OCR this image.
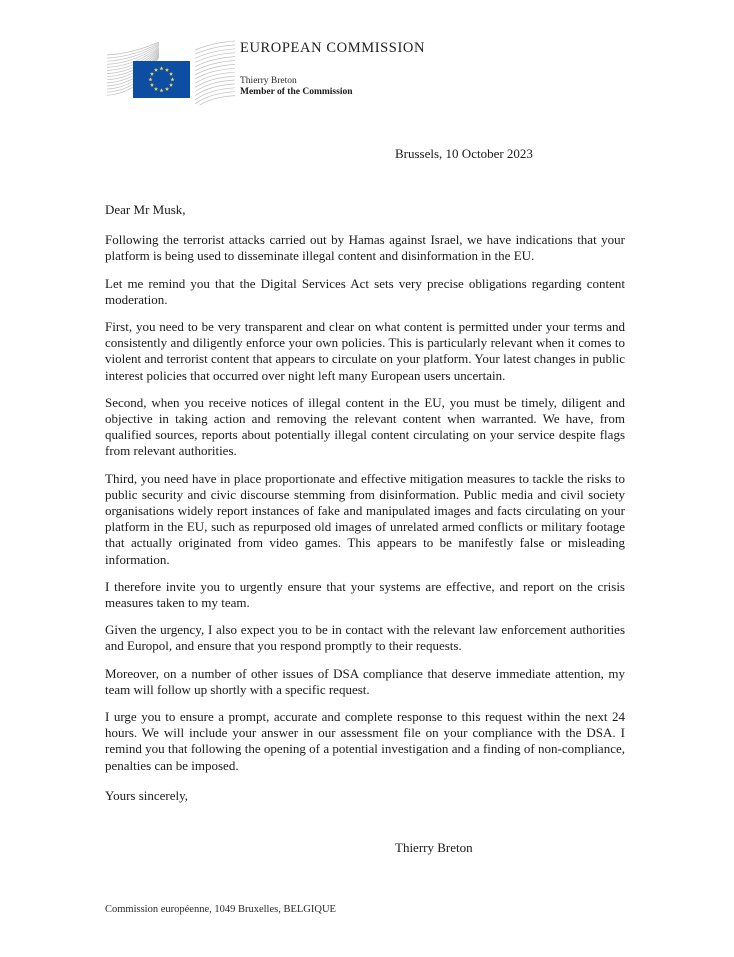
EUROPEAN COMMISSION
Thierry Breton
Member of the Commission
Brussels, 10 October 2023

Dear Mr Musk,

Following the terrorist attacks carried out by Hamas against Israel, we have indications that your platform is being used to disseminate illegal content and disinformation in the EU.

Let me remind you that the Digital Services Act sets very precise obligations regarding content moderation.

First, you need to be very transparent and clear on what content is permitted under your terms and consistently and diligently enforce your own policies. This is particularly relevant when it comes to violent and terrorist content that appears to circulate on your platform. Your latest changes in public interest policies that occurred over night left many European users uncertain.

Second, when you receive notices of illegal content in the EU, you must be timely, diligent and objective in taking action and removing the relevant content when warranted. We have, from qualified sources, reports about potentially illegal content circulating on your service despite flags from relevant authorities.

Third, you need have in place proportionate and effective mitigation measures to tackle the risks to public security and civic discourse stemming from disinformation. Public media and civil society organisations widely report instances of fake and manipulated images and facts circulating on your platform in the EU, such as repurposed old images of unrelated armed conflicts or military footage that actually originated from video games. This appears to be manifestly false or misleading information.

I therefore invite you to urgently ensure that your systems are effective, and report on the crisis measures taken to my team.

Given the urgency, I also expect you to be in contact with the relevant law enforcement authorities and Europol, and ensure that you respond promptly to their requests.

Moreover, on a number of other issues of DSA compliance that deserve immediate attention, my team will follow up shortly with a specific request.

I urge you to ensure a prompt, accurate and complete response to this request within the next 24 hours. We will include your answer in our assessment file on your compliance with the DSA. I remind you that following the opening of a potential investigation and a finding of non-compliance, penalties can be imposed.

Yours sincerely,

Thierry Breton
Commission européenne, 1049 Bruxelles, BELGIQUE
